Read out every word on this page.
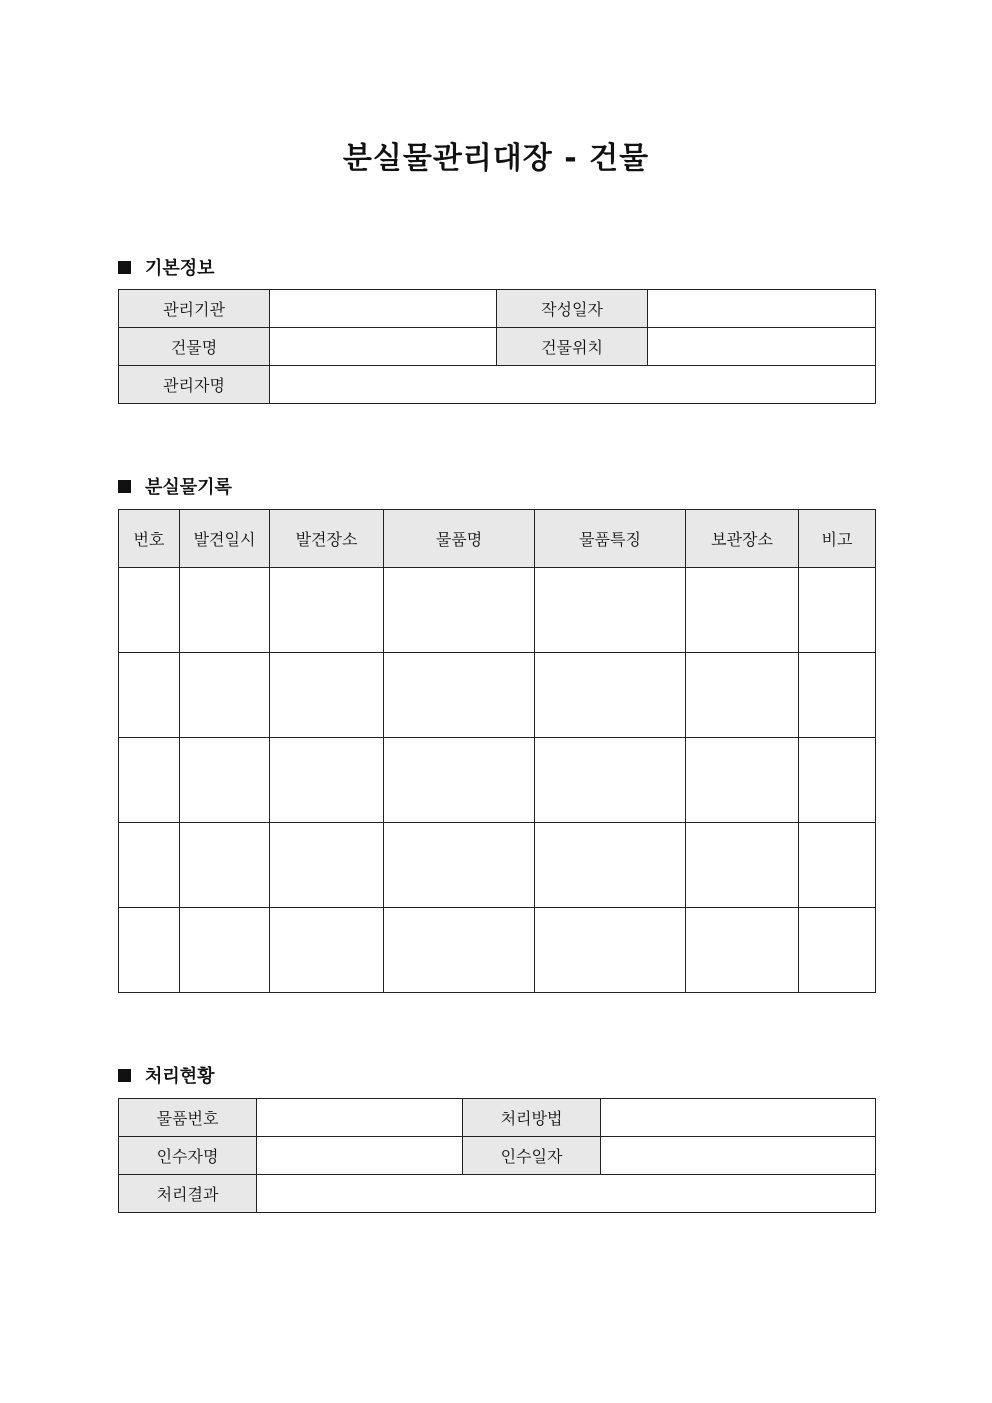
분실물관리대장 - 건물
기본정보
관리기관		작성일자	
건물명		건물위치	
관리자명			
분실물기록
번호	발견일시	발견장소	물품명	물품특징	보관장소	비고

처리현황
물품번호		처리방법	
인수자명		인수일자	
처리결과			
